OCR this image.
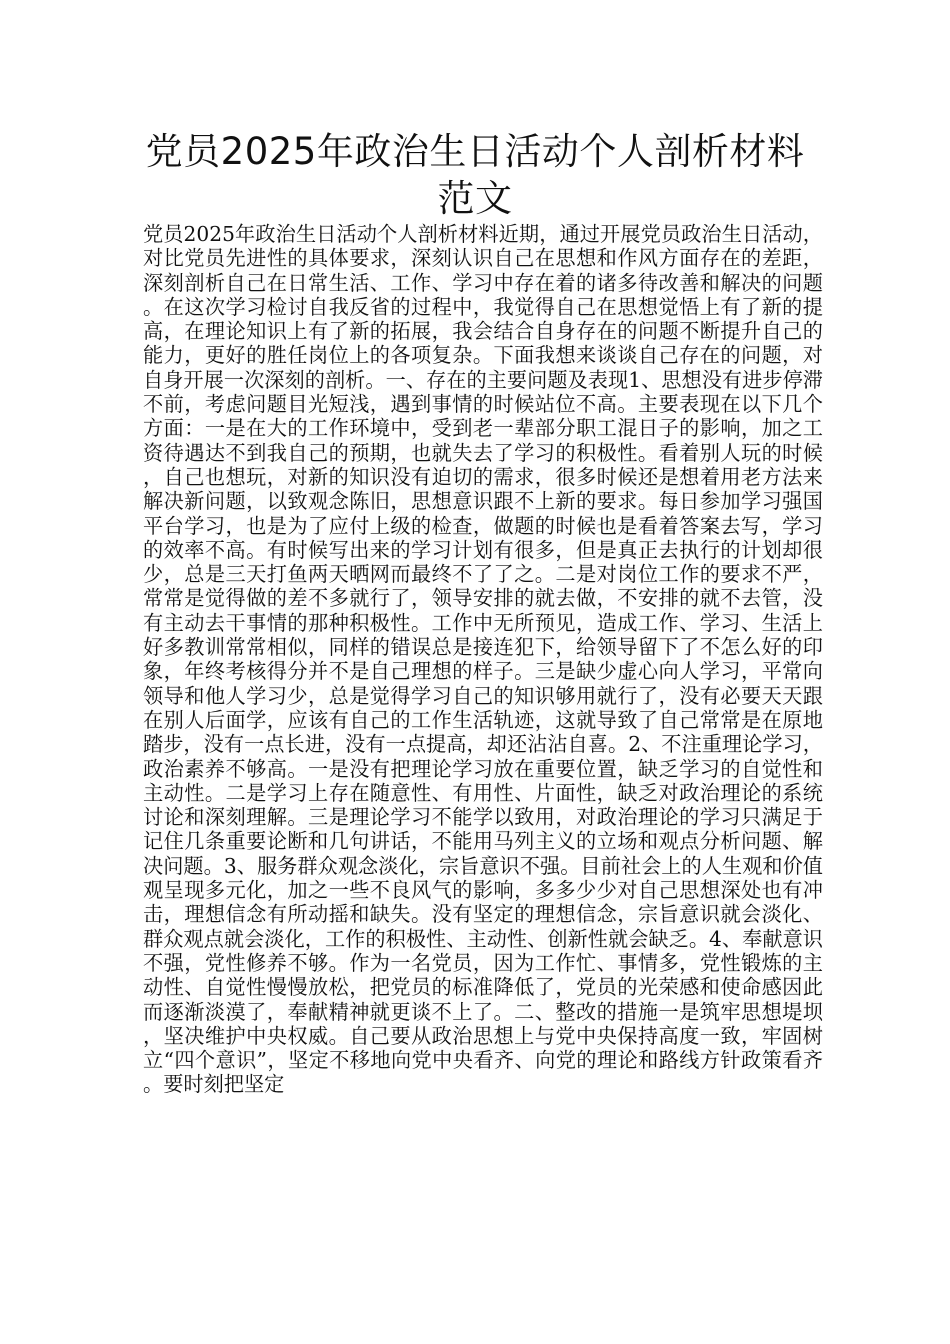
党员2025年政治生日活动个人剖析材料范文

党员2025年政治生日活动个人剖析材料近期，通过开展党员政治生日活动，对比党员先进性的具体要求，深刻认识自己在思想和作风方面存在的差距，深刻剖析自己在日常生活、工作、学习中存在着的诸多待改善和解决的问题。在这次学习检讨自我反省的过程中，我觉得自己在思想觉悟上有了新的提高，在理论知识上有了新的拓展，我会结合自身存在的问题不断提升自己的能力，更好的胜任岗位上的各项复杂。下面我想来谈谈自己存在的问题，对自身开展一次深刻的剖析。一、存在的主要问题及表现1、思想没有进步停滞不前，考虑问题目光短浅，遇到事情的时候站位不高。主要表现在以下几个方面：一是在大的工作环境中，受到老一辈部分职工混日子的影响，加之工资待遇达不到我自己的预期，也就失去了学习的积极性。看着别人玩的时候，自己也想玩，对新的知识没有迫切的需求，很多时候还是想着用老方法来解决新问题，以致观念陈旧，思想意识跟不上新的要求。每日参加学习强国平台学习，也是为了应付上级的检查，做题的时候也是看着答案去写，学习的效率不高。有时候写出来的学习计划有很多，但是真正去执行的计划却很少，总是三天打鱼两天晒网而最终不了了之。二是对岗位工作的要求不严，常常是觉得做的差不多就行了，领导安排的就去做，不安排的就不去管，没有主动去干事情的那种积极性。工作中无所预见，造成工作、学习、生活上好多教训常常相似，同样的错误总是接连犯下，给领导留下了不怎么好的印象，年终考核得分并不是自己理想的样子。三是缺少虚心向人学习，平常向领导和他人学习少，总是觉得学习自己的知识够用就行了，没有必要天天跟在别人后面学，应该有自己的工作生活轨迹，这就导致了自己常常是在原地踏步，没有一点长进，没有一点提高，却还沾沾自喜。2、不注重理论学习，政治素养不够高。一是没有把理论学习放在重要位置，缺乏学习的自觉性和主动性。二是学习上存在随意性、有用性、片面性，缺乏对政治理论的系统讨论和深刻理解。三是理论学习不能学以致用，对政治理论的学习只满足于记住几条重要论断和几句讲话，不能用马列主义的立场和观点分析问题、解决问题。3、服务群众观念淡化，宗旨意识不强。目前社会上的人生观和价值观呈现多元化，加之一些不良风气的影响，多多少少对自己思想深处也有冲击，理想信念有所动摇和缺失。没有坚定的理想信念，宗旨意识就会淡化、群众观点就会淡化，工作的积极性、主动性、创新性就会缺乏。4、奉献意识不强，党性修养不够。作为一名党员，因为工作忙、事情多，党性锻炼的主动性、自觉性慢慢放松，把党员的标准降低了，党员的光荣感和使命感因此而逐渐淡漠了，奉献精神就更谈不上了。二、整改的措施一是筑牢思想堤坝，坚决维护中央权威。自己要从政治思想上与党中央保持高度一致，牢固树立“四个意识”，坚定不移地向党中央看齐、向党的理论和路线方针政策看齐。要时刻把坚定
